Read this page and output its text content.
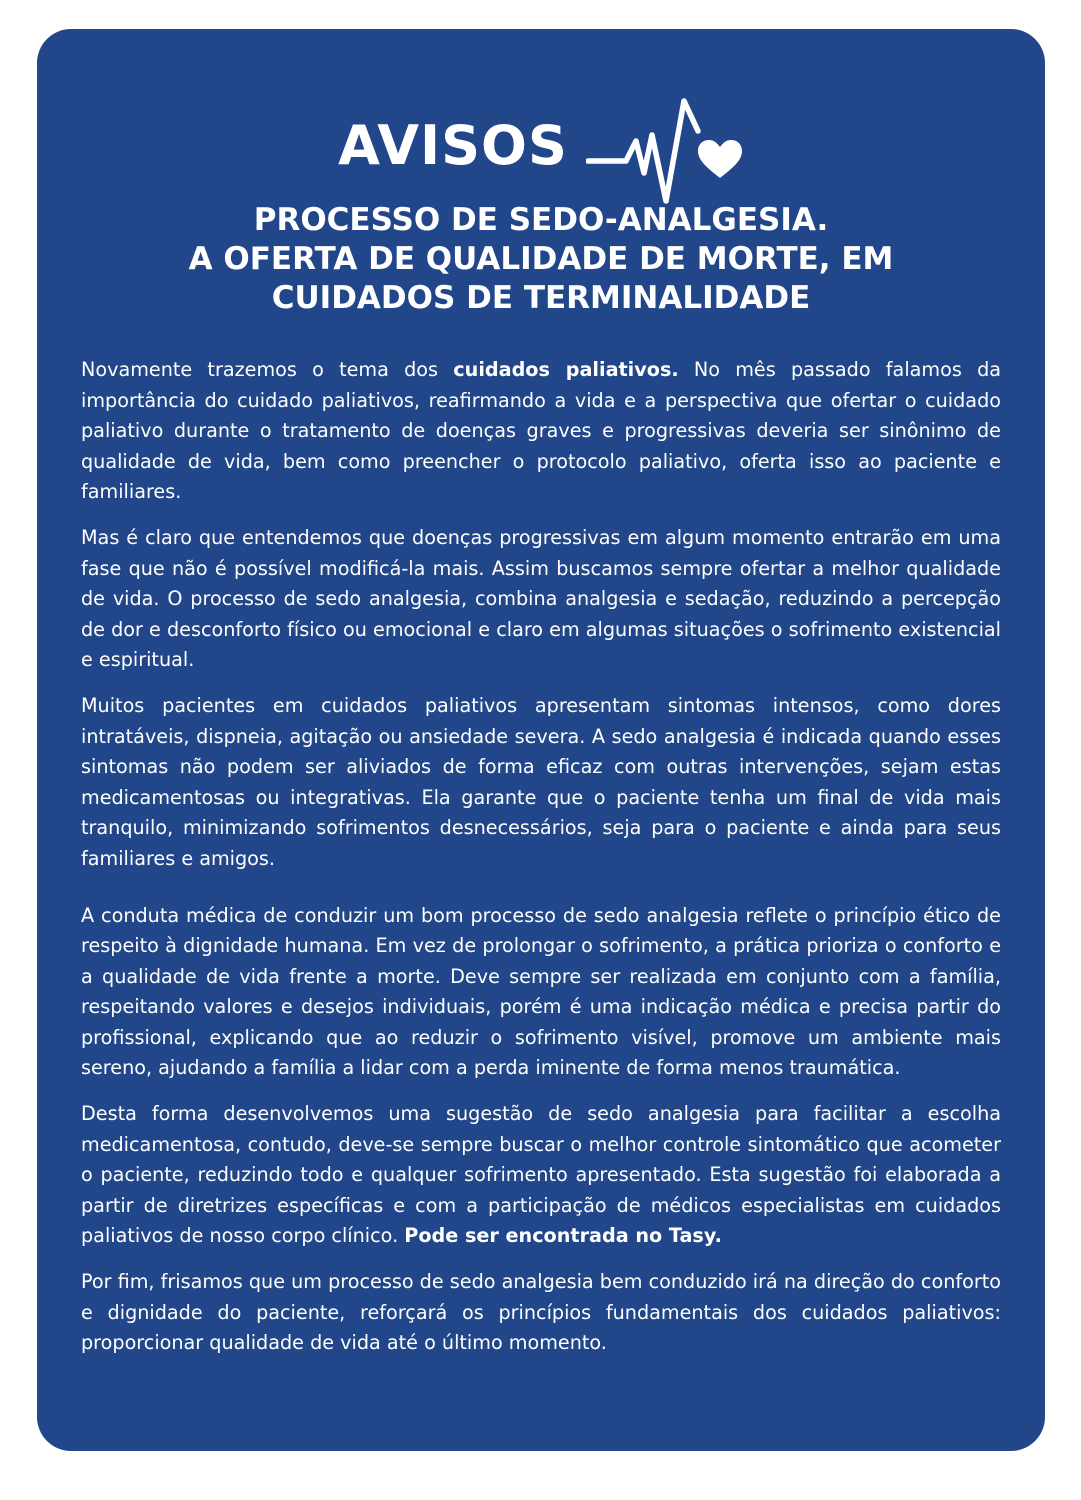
AVISOS
PROCESSO DE SEDO-ANALGESIA.
A OFERTA DE QUALIDADE DE MORTE, EM
CUIDADOS DE TERMINALIDADE

Novamente trazemos o tema dos cuidados paliativos. No mês passado falamos da importância do cuidado paliativos, reafirmando a vida e a perspectiva que ofertar o cuidado paliativo durante o tratamento de doenças graves e progressivas deveria ser sinônimo de qualidade de vida, bem como preencher o protocolo paliativo, oferta isso ao paciente e familiares.

Mas é claro que entendemos que doenças progressivas em algum momento entrarão em uma fase que não é possível modificá-la mais. Assim buscamos sempre ofertar a melhor qualidade de vida. O processo de sedo analgesia, combina analgesia e sedação, reduzindo a percepção de dor e desconforto físico ou emocional e claro em algumas situações o sofrimento existencial e espiritual.

Muitos pacientes em cuidados paliativos apresentam sintomas intensos, como dores intratáveis, dispneia, agitação ou ansiedade severa. A sedo analgesia é indicada quando esses sintomas não podem ser aliviados de forma eficaz com outras intervenções, sejam estas medicamentosas ou integrativas. Ela garante que o paciente tenha um final de vida mais tranquilo, minimizando sofrimentos desnecessários, seja para o paciente e ainda para seus familiares e amigos.

A conduta médica de conduzir um bom processo de sedo analgesia reflete o princípio ético de respeito à dignidade humana. Em vez de prolongar o sofrimento, a prática prioriza o conforto e a qualidade de vida frente a morte. Deve sempre ser realizada em conjunto com a família, respeitando valores e desejos individuais, porém é uma indicação médica e precisa partir do profissional, explicando que ao reduzir o sofrimento visível, promove um ambiente mais sereno, ajudando a família a lidar com a perda iminente de forma menos traumática.

Desta forma desenvolvemos uma sugestão de sedo analgesia para facilitar a escolha medicamentosa, contudo, deve-se sempre buscar o melhor controle sintomático que acometer o paciente, reduzindo todo e qualquer sofrimento apresentado. Esta sugestão foi elaborada a partir de diretrizes específicas e com a participação de médicos especialistas em cuidados paliativos de nosso corpo clínico. Pode ser encontrada no Tasy.

Por fim, frisamos que um processo de sedo analgesia bem conduzido irá na direção do conforto e dignidade do paciente, reforçará os princípios fundamentais dos cuidados paliativos: proporcionar qualidade de vida até o último momento.
